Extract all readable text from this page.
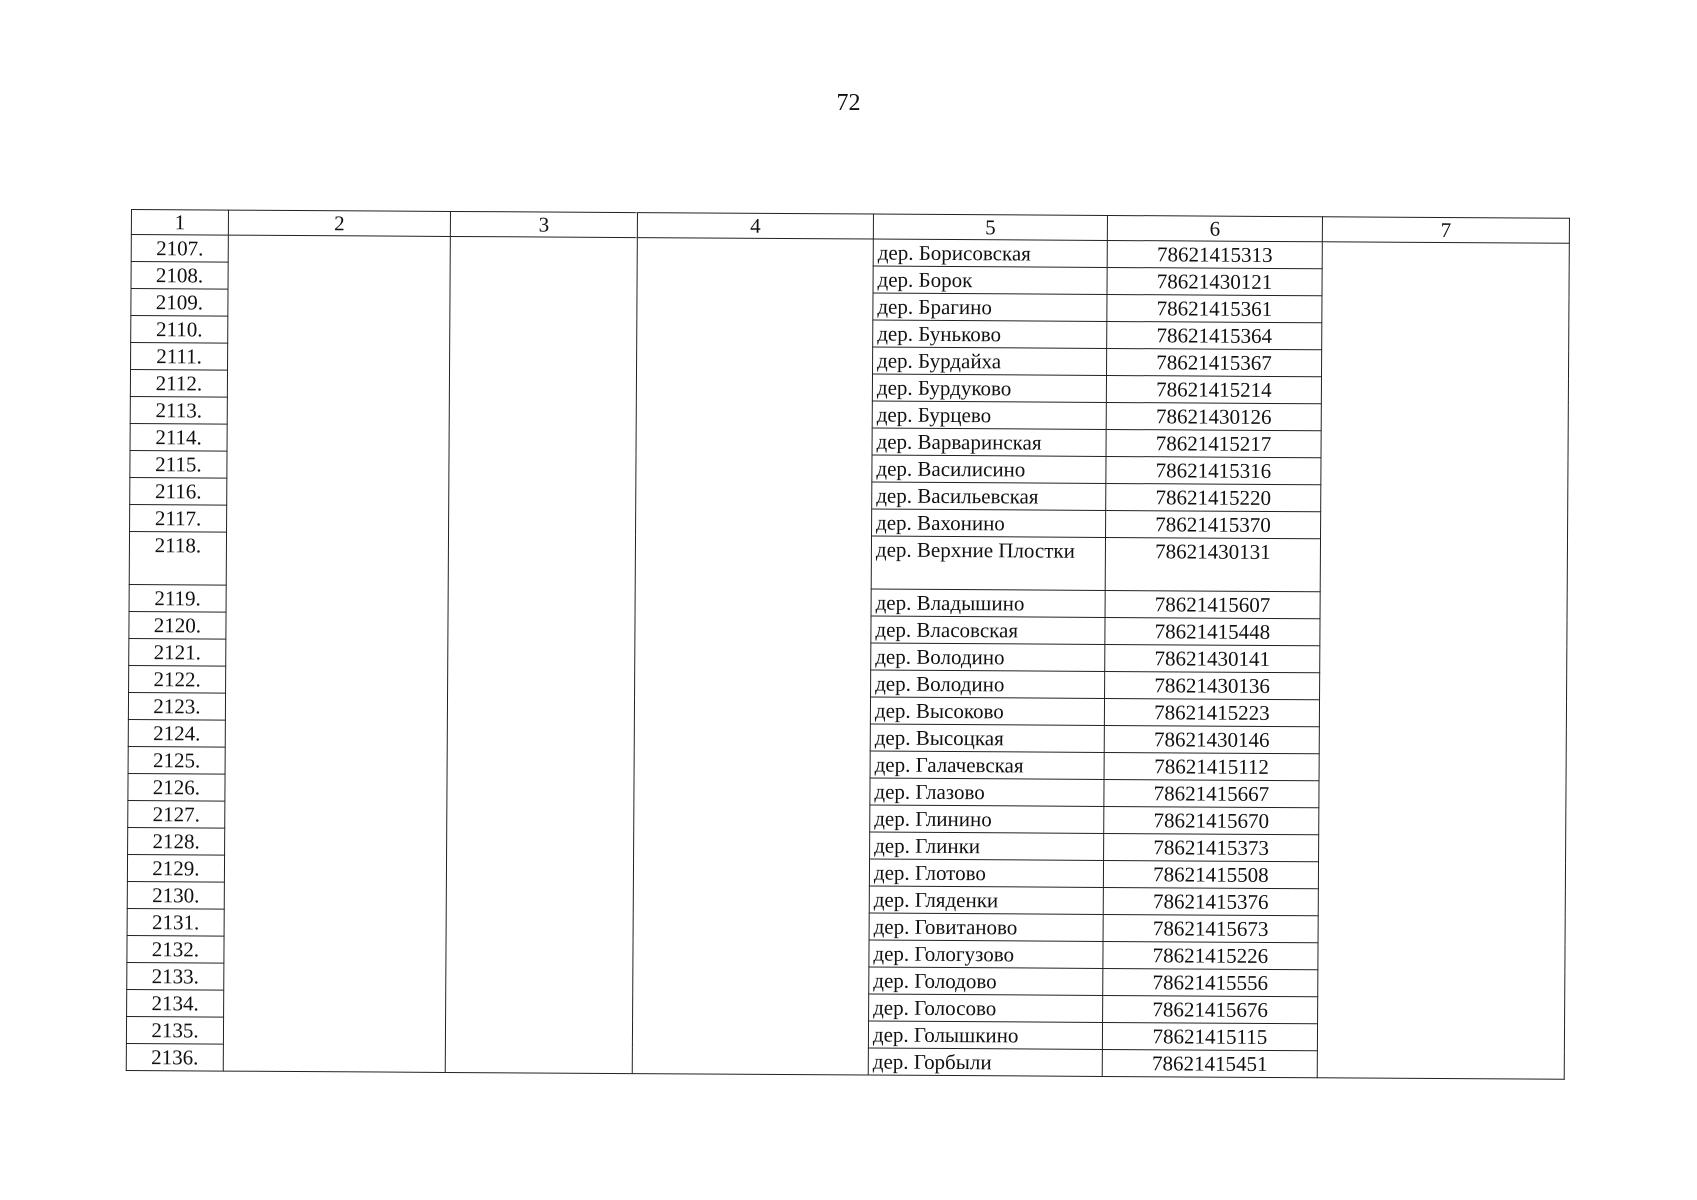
72
1	2	3	4	5	6	7
2107.				дер. Борисовская	78621415313	
2108.				дер. Борок	78621430121	
2109.				дер. Брагино	78621415361	
2110.				дер. Буньково	78621415364	
2111.				дер. Бурдайха	78621415367	
2112.				дер. Бурдуково	78621415214	
2113.				дер. Бурцево	78621430126	
2114.				дер. Варваринская	78621415217	
2115.				дер. Василисино	78621415316	
2116.				дер. Васильевская	78621415220	
2117.				дер. Вахонино	78621415370	
2118.				дер. Верхние Плостки	78621430131	
2119.				дер. Владышино	78621415607	
2120.				дер. Власовская	78621415448	
2121.				дер. Володино	78621430141	
2122.				дер. Володино	78621430136	
2123.				дер. Высоково	78621415223	
2124.				дер. Высоцкая	78621430146	
2125.				дер. Галачевская	78621415112	
2126.				дер. Глазово	78621415667	
2127.				дер. Глинино	78621415670	
2128.				дер. Глинки	78621415373	
2129.				дер. Глотово	78621415508	
2130.				дер. Гляденки	78621415376	
2131.				дер. Говитаново	78621415673	
2132.				дер. Гологузово	78621415226	
2133.				дер. Голодово	78621415556	
2134.				дер. Голосово	78621415676	
2135.				дер. Голышкино	78621415115	
2136.				дер. Горбыли	78621415451	
